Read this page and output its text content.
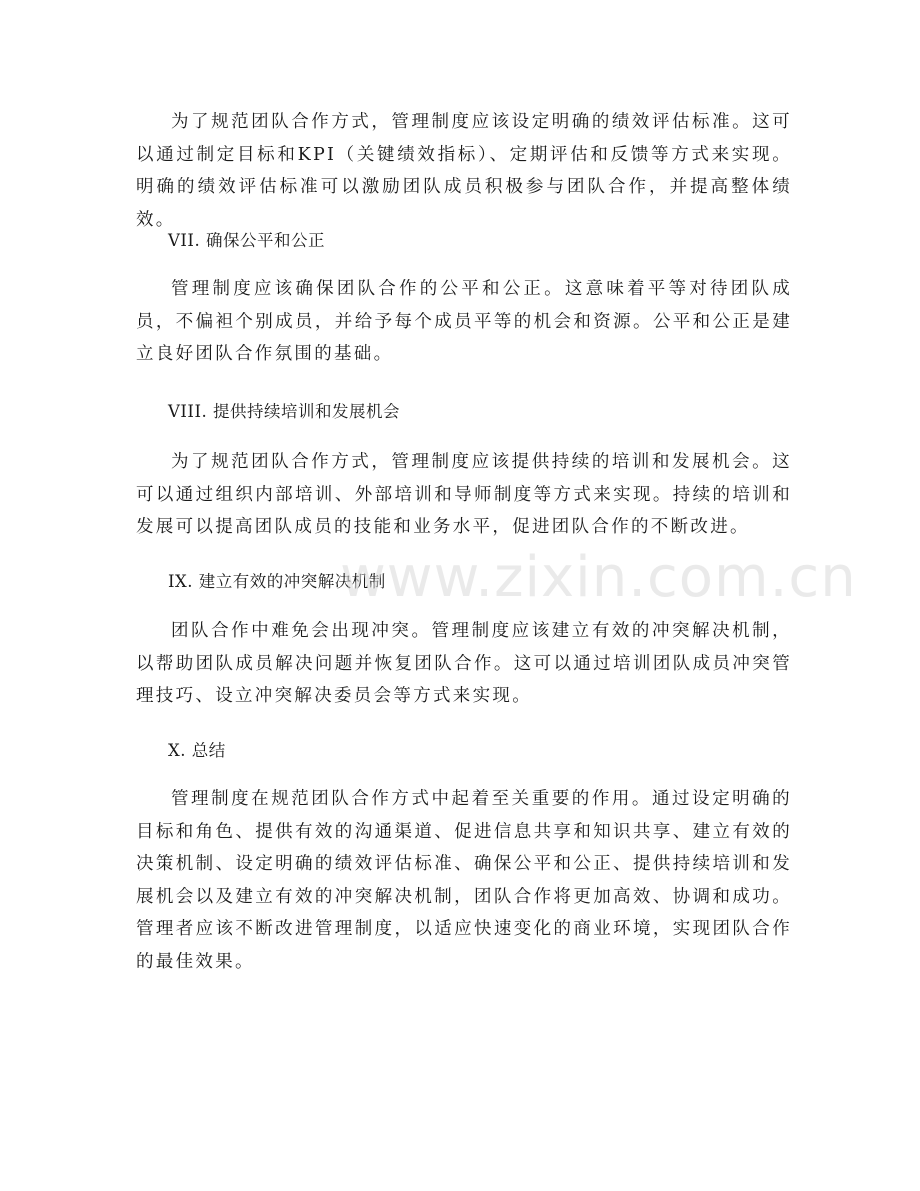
为了规范团队合作方式，管理制度应该设定明确的绩效评估标准。这可以通过制定目标和KPI（关键绩效指标）、定期评估和反馈等方式来实现。明确的绩效评估标准可以激励团队成员积极参与团队合作，并提高整体绩效。

VII. 确保公平和公正

管理制度应该确保团队合作的公平和公正。这意味着平等对待团队成员，不偏袒个别成员，并给予每个成员平等的机会和资源。公平和公正是建立良好团队合作氛围的基础。

VIII. 提供持续培训和发展机会

为了规范团队合作方式，管理制度应该提供持续的培训和发展机会。这可以通过组织内部培训、外部培训和导师制度等方式来实现。持续的培训和发展可以提高团队成员的技能和业务水平，促进团队合作的不断改进。

IX. 建立有效的冲突解决机制

团队合作中难免会出现冲突。管理制度应该建立有效的冲突解决机制，以帮助团队成员解决问题并恢复团队合作。这可以通过培训团队成员冲突管理技巧、设立冲突解决委员会等方式来实现。

X. 总结

管理制度在规范团队合作方式中起着至关重要的作用。通过设定明确的目标和角色、提供有效的沟通渠道、促进信息共享和知识共享、建立有效的决策机制、设定明确的绩效评估标准、确保公平和公正、提供持续培训和发展机会以及建立有效的冲突解决机制，团队合作将更加高效、协调和成功。管理者应该不断改进管理制度，以适应快速变化的商业环境，实现团队合作的最佳效果。

www.zixin.com.cn
